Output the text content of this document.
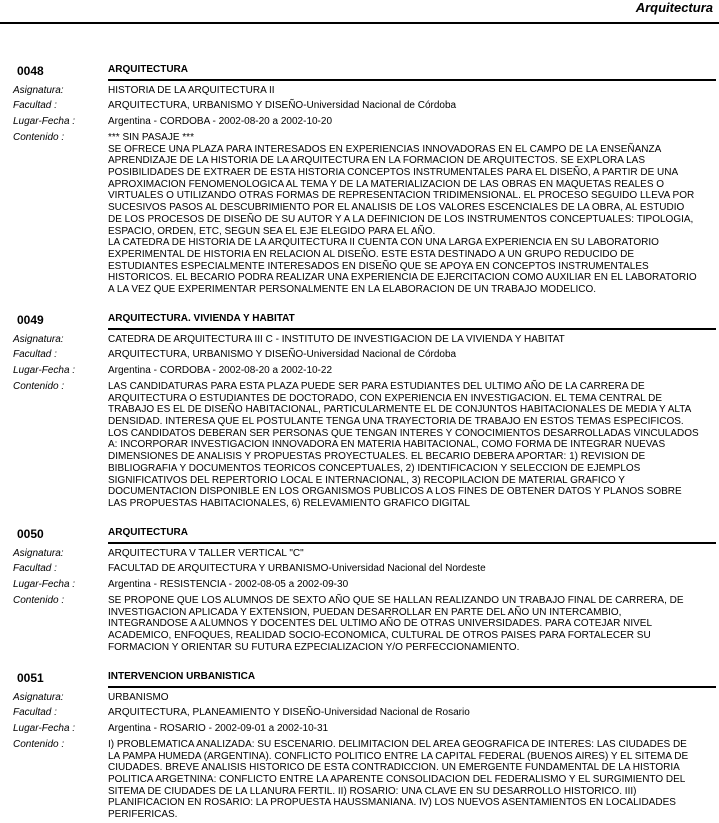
Arquitectura
0048	ARQUITECTURA
Asignatura:	HISTORIA DE LA ARQUITECTURA II
Facultad :	ARQUITECTURA, URBANISMO Y DISEÑO-Universidad Nacional de Córdoba
Lugar-Fecha :	Argentina - CORDOBA - 2002-08-20 a 2002-10-20
Contenido :	*** SIN PASAJE ***
SE OFRECE UNA PLAZA PARA INTERESADOS EN EXPERIENCIAS INNOVADORAS EN EL CAMPO DE LA ENSEÑANZA
APRENDIZAJE DE LA HISTORIA DE LA ARQUITECTURA EN LA FORMACION DE ARQUITECTOS. SE EXPLORA LAS
POSIBILIDADES DE EXTRAER DE ESTA HISTORIA CONCEPTOS INSTRUMENTALES PARA EL DISEÑO, A PARTIR DE UNA
APROXIMACION FENOMENOLOGICA AL TEMA Y DE LA MATERIALIZACION DE LAS OBRAS EN MAQUETAS REALES O
VIRTUALES O UTILIZANDO OTRAS FORMAS DE REPRESENTACION TRIDIMENSIONAL. EL PROCESO SEGUIDO LLEVA POR
SUCESIVOS PASOS AL DESCUBRIMIENTO POR EL ANALISIS DE LOS VALORES ESCENCIALES DE LA OBRA, AL ESTUDIO
DE LOS PROCESOS DE DISEÑO DE SU AUTOR Y A LA DEFINICION DE LOS INSTRUMENTOS CONCEPTUALES: TIPOLOGIA,
ESPACIO, ORDEN, ETC, SEGUN SEA EL EJE ELEGIDO PARA EL AÑO.
LA CATEDRA DE HISTORIA DE LA ARQUITECTURA II CUENTA CON UNA LARGA EXPERIENCIA EN SU LABORATORIO
EXPERIMENTAL DE HISTORIA EN RELACION AL DISEÑO. ESTE ESTA DESTINADO A UN GRUPO REDUCIDO DE
ESTUDIANTES ESPECIALMENTE INTERESADOS EN DISEÑO QUE SE APOYA EN CONCEPTOS INSTRUMENTALES
HISTORICOS. EL BECARIO PODRA REALIZAR UNA EXPERIENCIA DE EJERCITACION COMO AUXILIAR EN EL LABORATORIO
A LA VEZ QUE EXPERIMENTAR PERSONALMENTE EN LA ELABORACION DE UN TRABAJO MODELICO.
0049	ARQUITECTURA. VIVIENDA Y HABITAT
Asignatura:	CATEDRA DE ARQUITECTURA III C - INSTITUTO DE INVESTIGACION DE LA VIVIENDA Y HABITAT
Facultad :	ARQUITECTURA, URBANISMO Y DISEÑO-Universidad Nacional de Córdoba
Lugar-Fecha :	Argentina - CORDOBA - 2002-08-20 a 2002-10-22
Contenido :	LAS CANDIDATURAS PARA ESTA PLAZA PUEDE SER PARA ESTUDIANTES DEL ULTIMO AÑO DE LA CARRERA DE
ARQUITECTURA O ESTUDIANTES DE DOCTORADO, CON EXPERIENCIA EN INVESTIGACION. EL TEMA CENTRAL DE
TRABAJO ES EL DE DISEÑO HABITACIONAL, PARTICULARMENTE EL DE CONJUNTOS HABITACIONALES DE MEDIA Y ALTA
DENSIDAD. INTERESA QUE EL POSTULANTE TENGA UNA TRAYECTORIA DE TRABAJO EN ESTOS TEMAS ESPECIFICOS.
LOS CANDIDATOS DEBERAN SER PERSONAS QUE TENGAN INTERES Y CONOCIMIENTOS DESARROLLADAS VINCULADOS
A: INCORPORAR INVESTIGACION INNOVADORA EN MATERIA HABITACIONAL, COMO FORMA DE INTEGRAR NUEVAS
DIMENSIONES DE ANALISIS Y PROPUESTAS PROYECTUALES. EL BECARIO DEBERA APORTAR: 1) REVISION DE
BIBLIOGRAFIA Y DOCUMENTOS TEORICOS CONCEPTUALES, 2) IDENTIFICACION Y SELECCION DE EJEMPLOS
SIGNIFICATIVOS DEL REPERTORIO LOCAL E INTERNACIONAL, 3) RECOPILACION DE MATERIAL GRAFICO Y
DOCUMENTACION DISPONIBLE EN LOS ORGANISMOS PUBLICOS A LOS FINES DE OBTENER DATOS Y PLANOS SOBRE
LAS PROPUESTAS HABITACIONALES, 6) RELEVAMIENTO GRAFICO DIGITAL
0050	ARQUITECTURA
Asignatura:	ARQUITECTURA V TALLER VERTICAL "C"
Facultad :	FACULTAD DE ARQUITECTURA Y URBANISMO-Universidad Nacional del Nordeste
Lugar-Fecha :	Argentina - RESISTENCIA - 2002-08-05 a 2002-09-30
Contenido :	SE PROPONE QUE LOS ALUMNOS DE SEXTO AÑO QUE SE HALLAN REALIZANDO UN TRABAJO FINAL DE CARRERA, DE
INVESTIGACION APLICADA Y EXTENSION, PUEDAN DESARROLLAR EN PARTE DEL AÑO UN INTERCAMBIO,
INTEGRANDOSE A ALUMNOS Y DOCENTES DEL ULTIMO AÑO DE OTRAS UNIVERSIDADES. PARA COTEJAR NIVEL
ACADEMICO, ENFOQUES, REALIDAD SOCIO-ECONOMICA, CULTURAL DE OTROS PAISES PARA FORTALECER SU
FORMACION Y ORIENTAR SU FUTURA EZPECIALIZACION Y/O PERFECCIONAMIENTO.
0051	INTERVENCION URBANISTICA
Asignatura:	URBANISMO
Facultad :	ARQUITECTURA, PLANEAMIENTO Y DISEÑO-Universidad Nacional de Rosario
Lugar-Fecha :	Argentina - ROSARIO - 2002-09-01 a 2002-10-31
Contenido :	I) PROBLEMATICA ANALIZADA: SU ESCENARIO. DELIMITACION DEL AREA GEOGRAFICA DE INTERES: LAS CIUDADES DE
LA PAMPA HUMEDA (ARGENTINA). CONFLICTO POLITICO ENTRE LA CAPITAL FEDERAL (BUENOS AIRES) Y EL SITEMA DE
CIUDADES. BREVE ANALISIS HISTORICO DE ESTA CONTRADICCION. UN EMERGENTE FUNDAMENTAL DE LA HISTORIA
POLITICA ARGETNINA: CONFLICTO ENTRE LA APARENTE CONSOLIDACION DEL FEDERALISMO Y EL SURGIMIENTO DEL
SITEMA DE CIUDADES DE LA LLANURA FERTIL. II) ROSARIO: UNA CLAVE EN SU DESARROLLO HISTORICO. III)
PLANIFICACION EN ROSARIO: LA PROPUESTA HAUSSMANIANA. IV) LOS NUEVOS ASENTAMIENTOS EN LOCALIDADES
PERIFERICAS.
